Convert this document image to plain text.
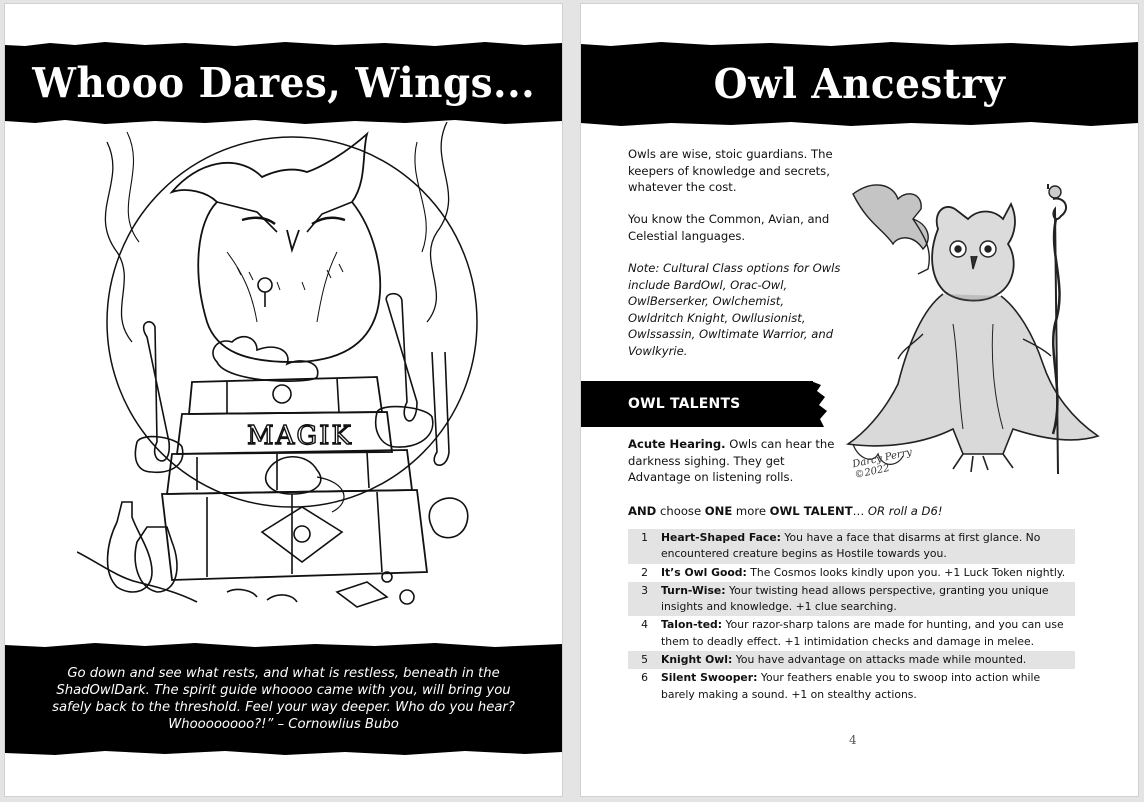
Whooo Dares, Wings...
MAGIK
Go down and see what rests, and what is restless, beneath in the ShadOwlDark. The spirit guide whoooo came with you, will bring you safely back to the threshold. Feel your way deeper. Who do you hear? Whoooooooo?!” – Cornowlius Bubo
Owl Ancestry
Owls are wise, stoic guardians. The keepers of knowledge and secrets, whatever the cost.
You know the Common, Avian, and Celestial languages.
Note: Cultural Class options for Owls include BardOwl, Orac-Owl, OwlBerserker, Owlchemist, Owldritch Knight, Owllusionist, Owlssassin, Owltimate Warrior, and Vowlkyrie.
OWL TALENTS
Acute Hearing. Owls can hear the darkness sighing. They get Advantage on listening rolls.
AND choose ONE more OWL TALENT… OR roll a D6!
1	Heart-Shaped Face: You have a face that disarms at first glance. No encountered creature begins as Hostile towards you.
2	It’s Owl Good: The Cosmos looks kindly upon you. +1 Luck Token nightly.
3	Turn-Wise: Your twisting head allows perspective, granting you unique insights and knowledge. +1 clue searching.
4	Talon-ted: Your razor-sharp talons are made for hunting, and you can use them to deadly effect. +1 intimidation checks and damage in melee.
5	Knight Owl: You have advantage on attacks made while mounted.
6	Silent Swooper: Your feathers enable you to swoop into action while barely making a sound. +1 on stealthy actions.
Darcy Perry ©2022
4
